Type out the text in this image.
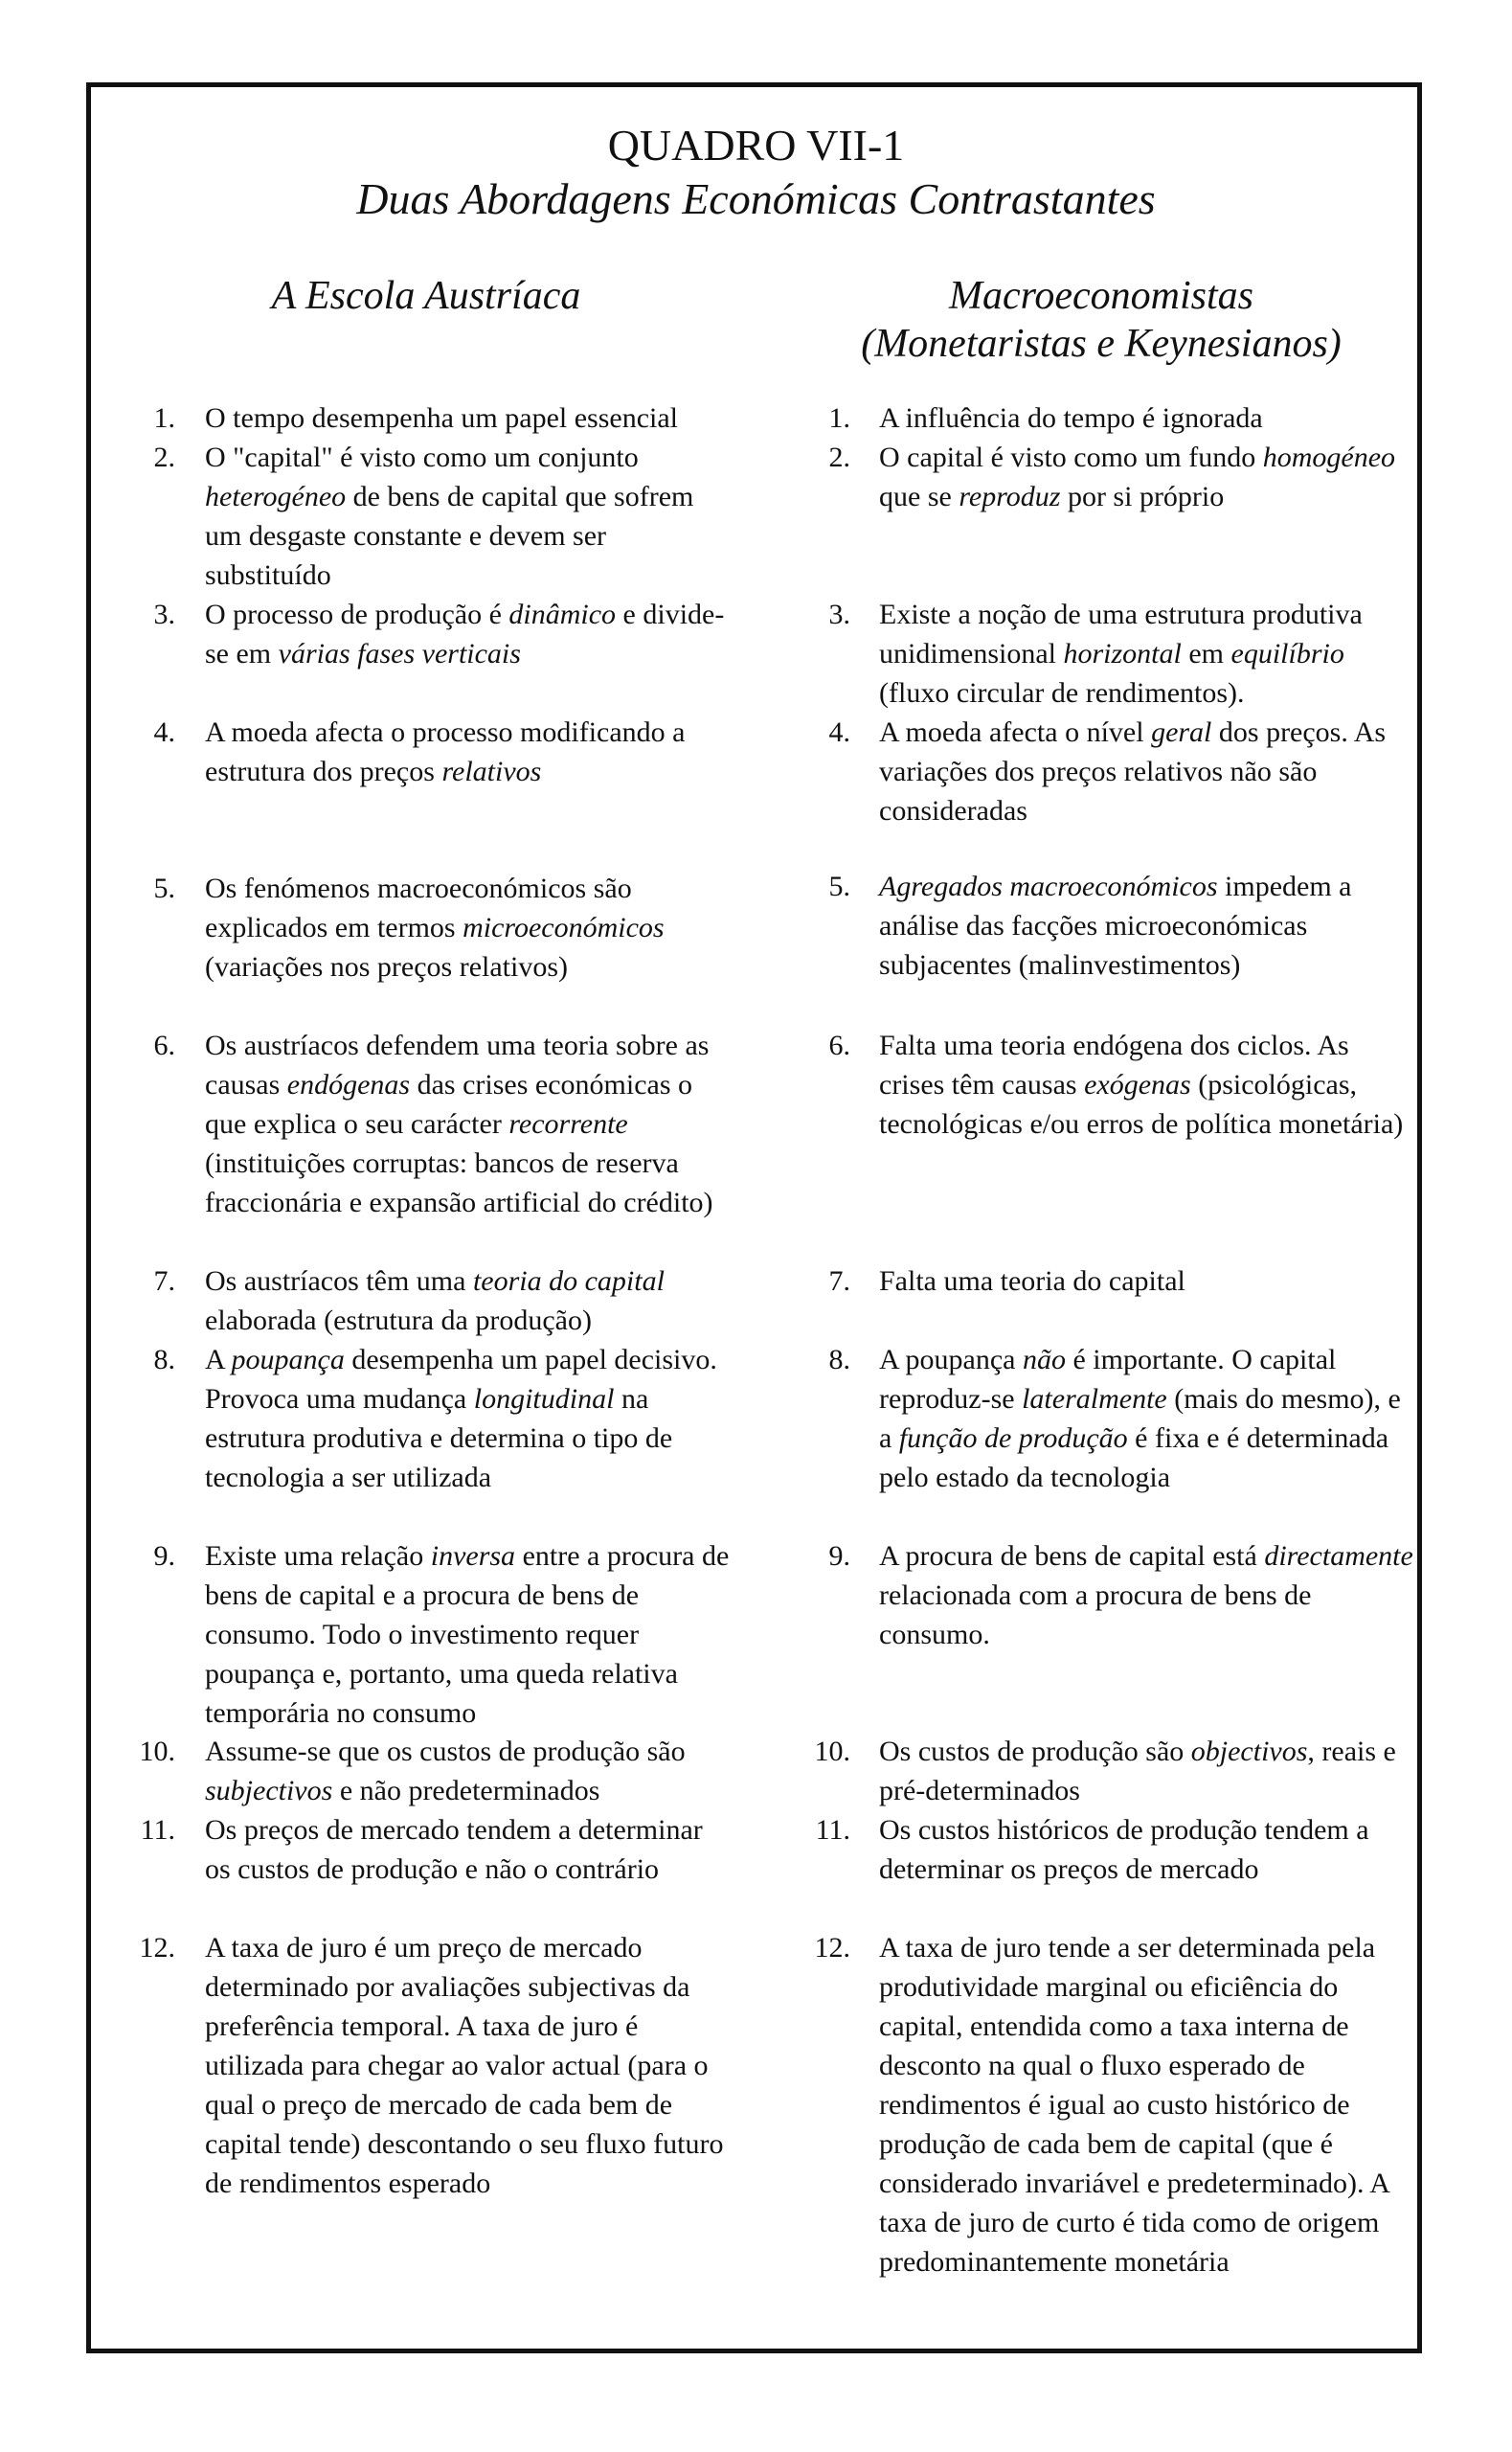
QUADRO VII-1
Duas Abordagens Económicas Contrastantes
A Escola Austríaca	Macroeconomistas
(Monetaristas e Keynesianos)
1. O tempo desempenha um papel essencial
2. O "capital" é visto como um conjunto heterogéneo de bens de capital que sofrem um desgaste constante e devem ser substituído
3. O processo de produção é dinâmico e divide-se em várias fases verticais
4. A moeda afecta o processo modificando a estrutura dos preços relativos
5. Os fenómenos macroeconómicos são explicados em termos microeconómicos (variações nos preços relativos)
6. Os austríacos defendem uma teoria sobre as causas endógenas das crises económicas o que explica o seu carácter recorrente (instituições corruptas: bancos de reserva fraccionária e expansão artificial do crédito)
7. Os austríacos têm uma teoria do capital elaborada (estrutura da produção)
8. A poupança desempenha um papel decisivo. Provoca uma mudança longitudinal na estrutura produtiva e determina o tipo de tecnologia a ser utilizada
9. Existe uma relação inversa entre a procura de bens de capital e a procura de bens de consumo. Todo o investimento requer poupança e, portanto, uma queda relativa temporária no consumo
10. Assume-se que os custos de produção são subjectivos e não predeterminados
11. Os preços de mercado tendem a determinar os custos de produção e não o contrário
12. A taxa de juro é um preço de mercado determinado por avaliações subjectivas da preferência temporal. A taxa de juro é utilizada para chegar ao valor actual (para o qual o preço de mercado de cada bem de capital tende) descontando o seu fluxo futuro de rendimentos esperado
1. A influência do tempo é ignorada
2. O capital é visto como um fundo homogéneo que se reproduz por si próprio
3. Existe a noção de uma estrutura produtiva unidimensional horizontal em equilíbrio (fluxo circular de rendimentos).
4. A moeda afecta o nível geral dos preços. As variações dos preços relativos não são consideradas
5. Agregados macroeconómicos impedem a análise das facções microeconómicas subjacentes (malinvestimentos)
6. Falta uma teoria endógena dos ciclos. As crises têm causas exógenas (psicológicas, tecnológicas e/ou erros de política monetária)
7. Falta uma teoria do capital
8. A poupança não é importante. O capital reproduz-se lateralmente (mais do mesmo), e a função de produção é fixa e é determinada pelo estado da tecnologia
9. A procura de bens de capital está directamente relacionada com a procura de bens de consumo.
10. Os custos de produção são objectivos, reais e pré-determinados
11. Os custos históricos de produção tendem a determinar os preços de mercado
12. A taxa de juro tende a ser determinada pela produtividade marginal ou eficiência do capital, entendida como a taxa interna de desconto na qual o fluxo esperado de rendimentos é igual ao custo histórico de produção de cada bem de capital (que é considerado invariável e predeterminado). A taxa de juro de curto é tida como de origem predominantemente monetária
